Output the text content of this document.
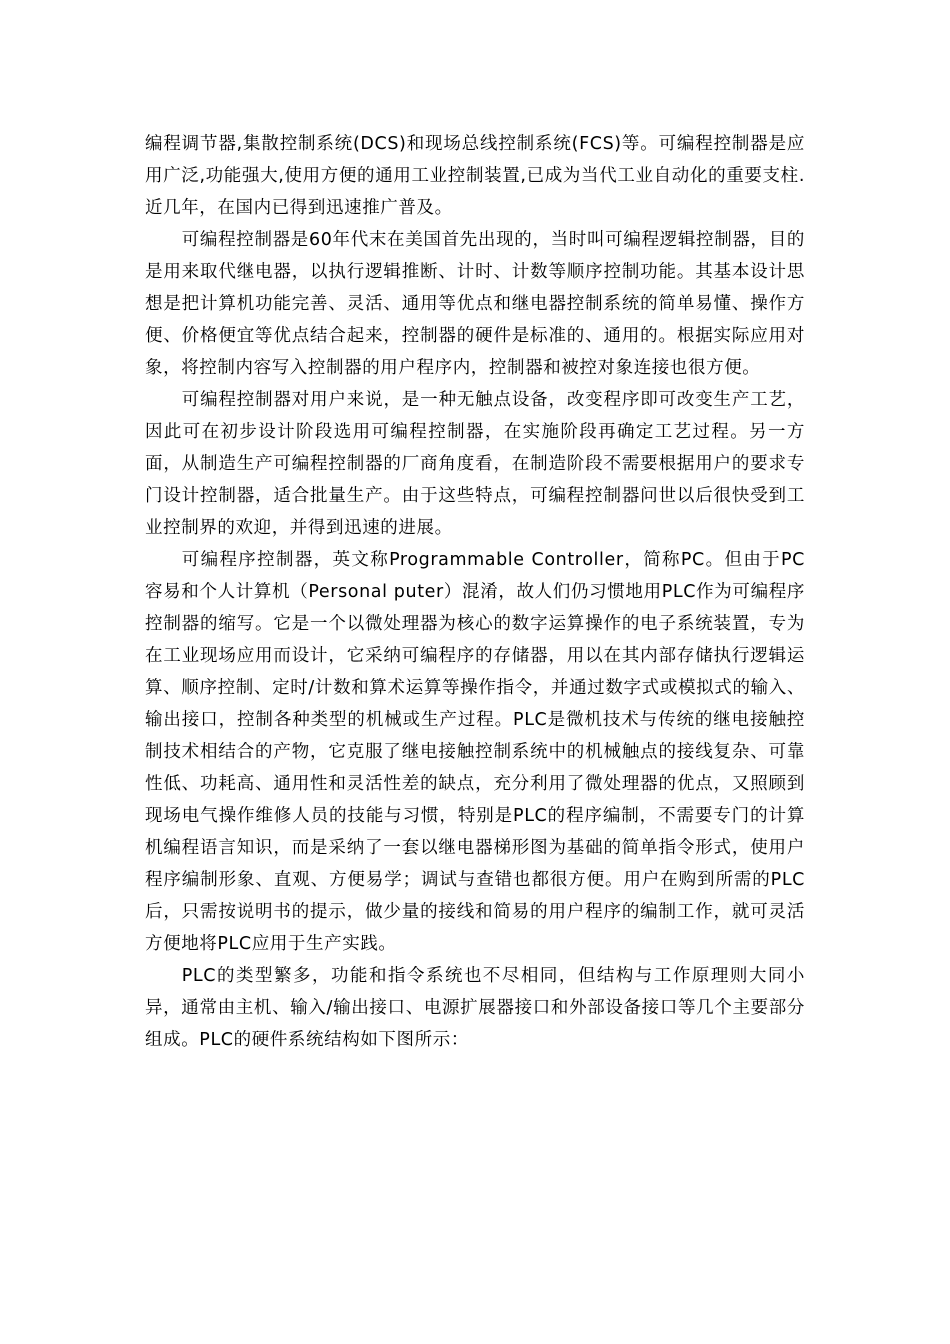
编程调节器,集散控制系统(DCS)和现场总线控制系统(FCS)等。可编程控制器是应用广泛,功能强大,使用方便的通用工业控制装置,已成为当代工业自动化的重要支柱.近几年，在国内已得到迅速推广普及。

可编程控制器是60年代末在美国首先出现的，当时叫可编程逻辑控制器，目的是用来取代继电器，以执行逻辑推断、计时、计数等顺序控制功能。其基本设计思想是把计算机功能完善、灵活、通用等优点和继电器控制系统的简单易懂、操作方便、价格便宜等优点结合起来，控制器的硬件是标准的、通用的。根据实际应用对象，将控制内容写入控制器的用户程序内，控制器和被控对象连接也很方便。

可编程控制器对用户来说，是一种无触点设备，改变程序即可改变生产工艺，因此可在初步设计阶段选用可编程控制器，在实施阶段再确定工艺过程。另一方面，从制造生产可编程控制器的厂商角度看，在制造阶段不需要根据用户的要求专门设计控制器，适合批量生产。由于这些特点，可编程控制器问世以后很快受到工业控制界的欢迎，并得到迅速的进展。

可编程序控制器，英文称Programmable Controller，简称PC。但由于PC容易和个人计算机（Personal puter）混淆，故人们仍习惯地用PLC作为可编程序控制器的缩写。它是一个以微处理器为核心的数字运算操作的电子系统装置，专为在工业现场应用而设计，它采纳可编程序的存储器，用以在其内部存储执行逻辑运算、顺序控制、定时/计数和算术运算等操作指令，并通过数字式或模拟式的输入、输出接口，控制各种类型的机械或生产过程。PLC是微机技术与传统的继电接触控制技术相结合的产物，它克服了继电接触控制系统中的机械触点的接线复杂、可靠性低、功耗高、通用性和灵活性差的缺点，充分利用了微处理器的优点，又照顾到现场电气操作维修人员的技能与习惯，特别是PLC的程序编制，不需要专门的计算机编程语言知识，而是采纳了一套以继电器梯形图为基础的简单指令形式，使用户程序编制形象、直观、方便易学；调试与查错也都很方便。用户在购到所需的PLC后，只需按说明书的提示，做少量的接线和简易的用户程序的编制工作，就可灵活方便地将PLC应用于生产实践。

PLC的类型繁多，功能和指令系统也不尽相同，但结构与工作原理则大同小异，通常由主机、输入/输出接口、电源扩展器接口和外部设备接口等几个主要部分组成。PLC的硬件系统结构如下图所示：
